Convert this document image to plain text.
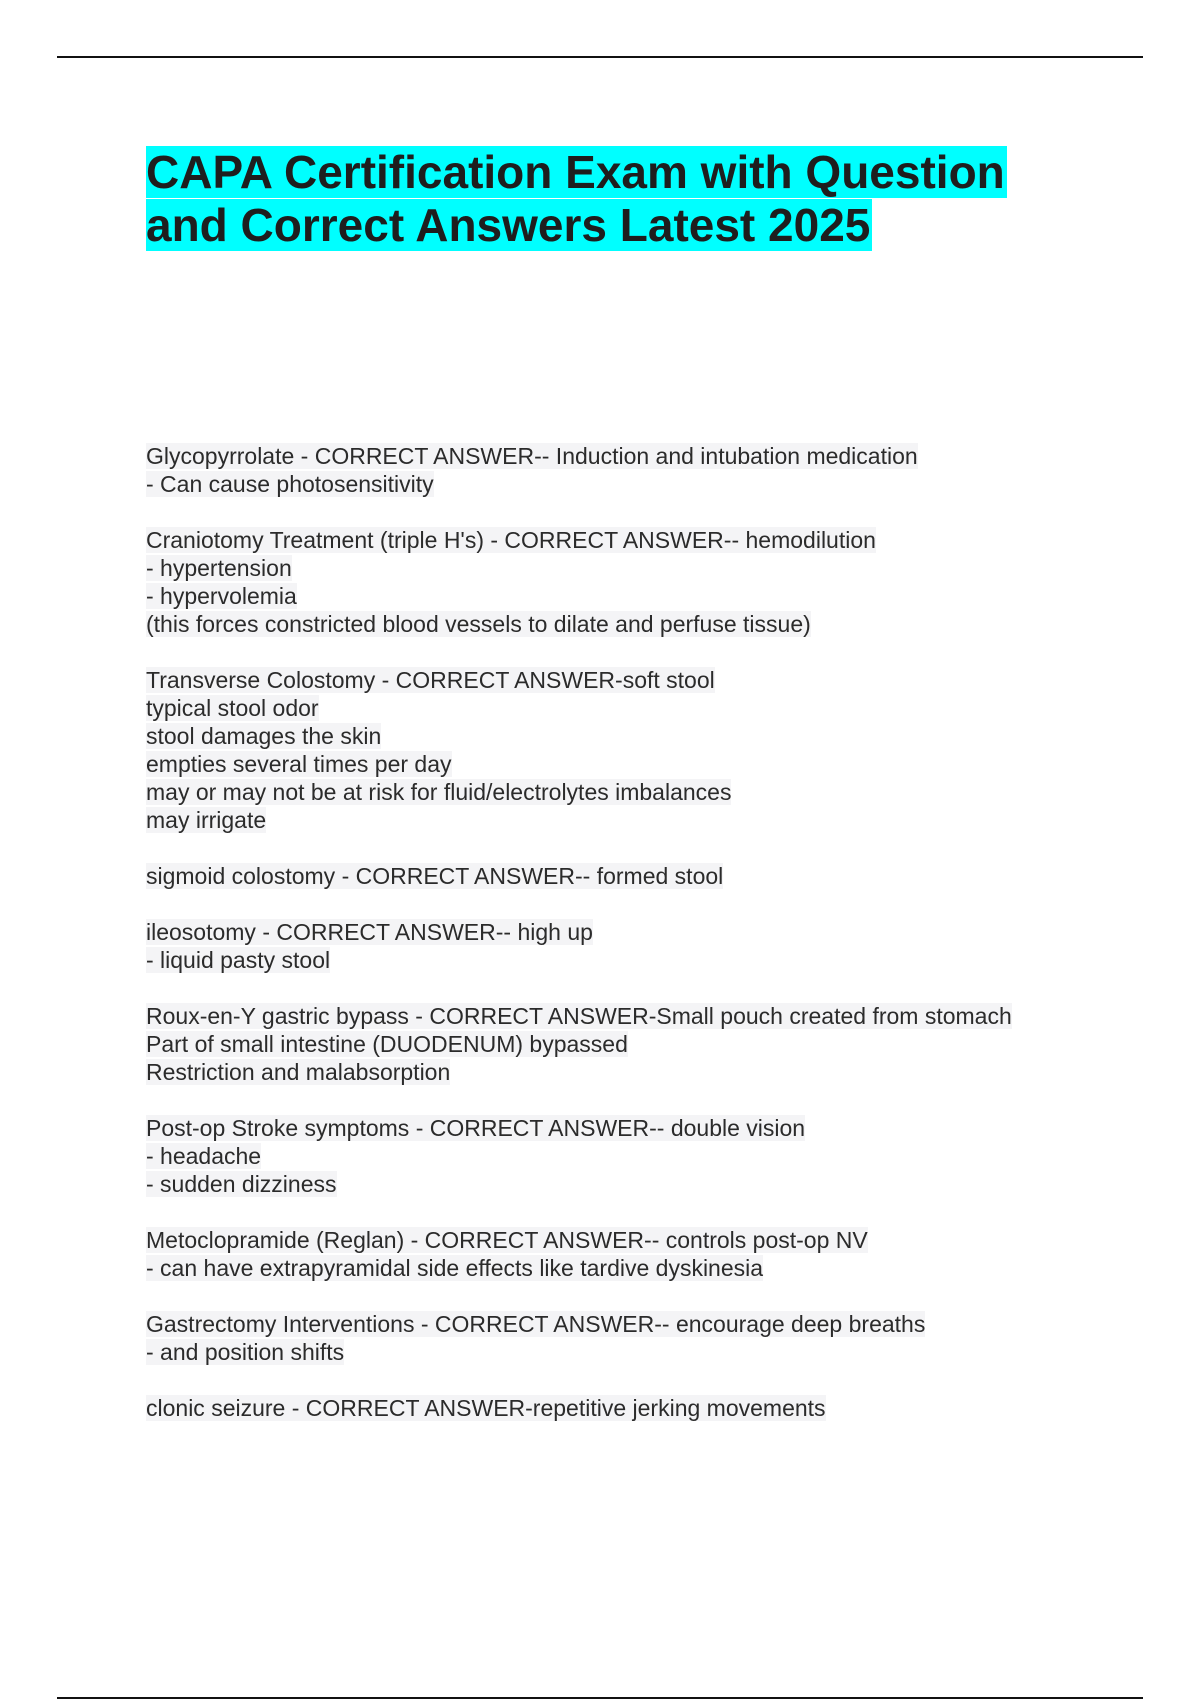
CAPA Certification Exam with Question
and Correct Answers Latest 2025
Glycopyrrolate - CORRECT ANSWER-- Induction and intubation medication
- Can cause photosensitivity
Craniotomy Treatment (triple H's) - CORRECT ANSWER-- hemodilution
- hypertension
- hypervolemia
(this forces constricted blood vessels to dilate and perfuse tissue)
Transverse Colostomy - CORRECT ANSWER-soft stool
typical stool odor
stool damages the skin
empties several times per day
may or may not be at risk for fluid/electrolytes imbalances
may irrigate
sigmoid colostomy - CORRECT ANSWER-- formed stool
ileosotomy - CORRECT ANSWER-- high up
- liquid pasty stool
Roux-en-Y gastric bypass - CORRECT ANSWER-Small pouch created from stomach
Part of small intestine (DUODENUM) bypassed
Restriction and malabsorption
Post-op Stroke symptoms - CORRECT ANSWER-- double vision
- headache
- sudden dizziness
Metoclopramide (Reglan) - CORRECT ANSWER-- controls post-op NV
- can have extrapyramidal side effects like tardive dyskinesia
Gastrectomy Interventions - CORRECT ANSWER-- encourage deep breaths
- and position shifts
clonic seizure - CORRECT ANSWER-repetitive jerking movements
